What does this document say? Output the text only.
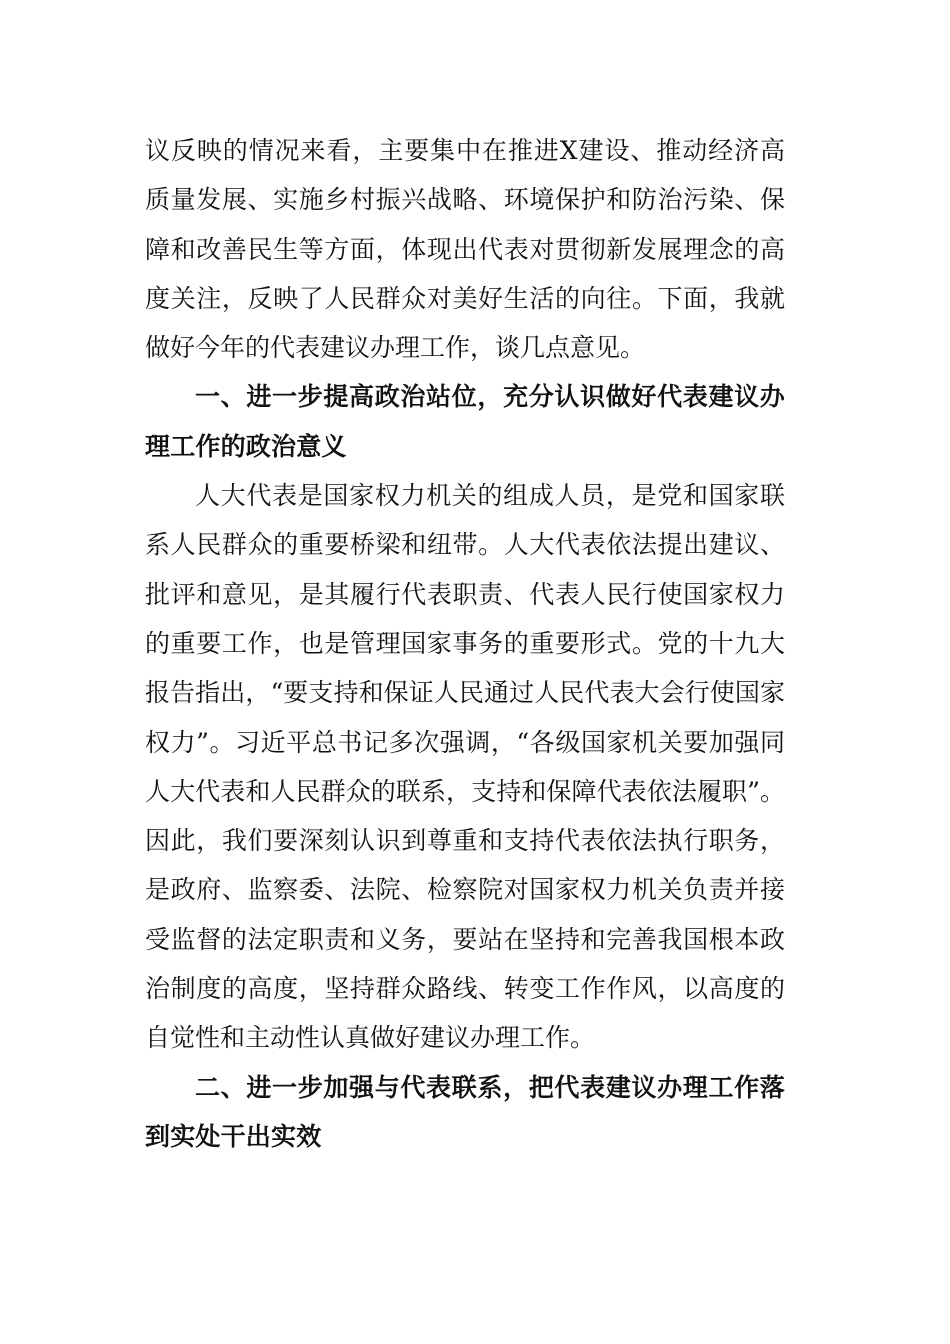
议反映的情况来看，主要集中在推进X建设、推动经济高质量发展、实施乡村振兴战略、环境保护和防治污染、保障和改善民生等方面，体现出代表对贯彻新发展理念的高度关注，反映了人民群众对美好生活的向往。下面，我就做好今年的代表建议办理工作，谈几点意见。

一、进一步提高政治站位，充分认识做好代表建议办理工作的政治意义

人大代表是国家权力机关的组成人员，是党和国家联系人民群众的重要桥梁和纽带。人大代表依法提出建议、批评和意见，是其履行代表职责、代表人民行使国家权力的重要工作，也是管理国家事务的重要形式。党的十九大报告指出，“要支持和保证人民通过人民代表大会行使国家权力”。习近平总书记多次强调，“各级国家机关要加强同人大代表和人民群众的联系，支持和保障代表依法履职”。因此，我们要深刻认识到尊重和支持代表依法执行职务，是政府、监察委、法院、检察院对国家权力机关负责并接受监督的法定职责和义务，要站在坚持和完善我国根本政治制度的高度，坚持群众路线、转变工作作风，以高度的自觉性和主动性认真做好建议办理工作。

二、进一步加强与代表联系，把代表建议办理工作落到实处干出实效
